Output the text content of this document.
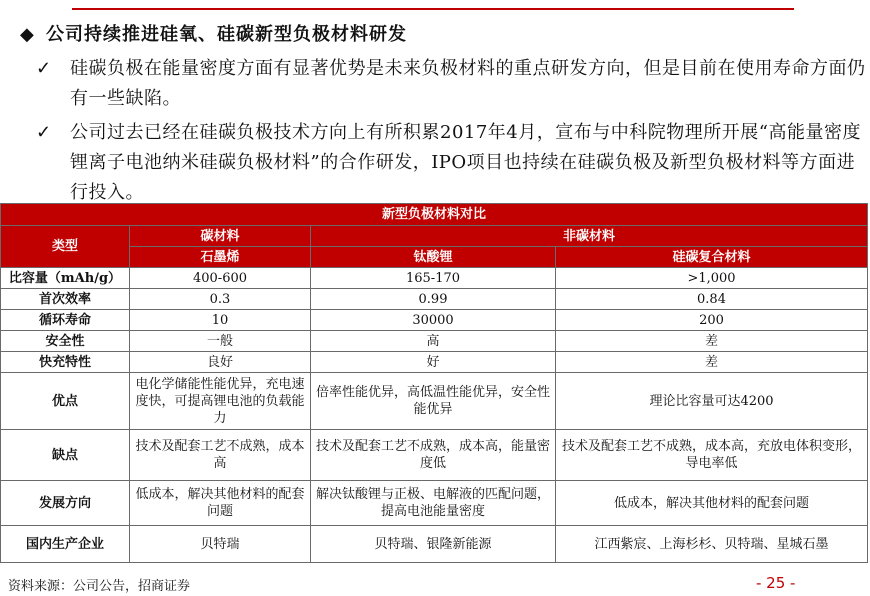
◆ 公司持续推进硅氧、硅碳新型负极材料研发
✓	硅碳负极在能量密度方面有显著优势是未来负极材料的重点研发方向，但是目前在使用寿命方面仍有一些缺陷。
✓	公司过去已经在硅碳负极技术方向上有所积累2017年4月，宣布与中科院物理所开展“高能量密度锂离子电池纳米硅碳负极材料”的合作研发，IPO项目也持续在硅碳负极及新型负极材料等方面进行投入。
新型负极材料对比			
类型	碳材料	非碳材料	
	石墨烯	钛酸锂	硅碳复合材料
比容量（mAh/g）	400-600	165-170	>1,000
首次效率	0.3	0.99	0.84
循环寿命	10	30000	200
安全性	一般	高	差
快充特性	良好	好	差
优点	电化学储能性能优异，充电速度快，可提高锂电池的负载能力	倍率性能优异，高低温性能优异，安全性能优异	理论比容量可达4200
缺点	技术及配套工艺不成熟，成本高	技术及配套工艺不成熟，成本高，能量密度低	技术及配套工艺不成熟，成本高，充放电体积变形，导电率低
发展方向	低成本，解决其他材料的配套问题	解决钛酸锂与正极、电解液的匹配问题，提高电池能量密度	低成本，解决其他材料的配套问题
国内生产企业	贝特瑞	贝特瑞、银隆新能源	江西紫宸、上海杉杉、贝特瑞、星城石墨
资料来源：公司公告，招商证券	- 25 -
